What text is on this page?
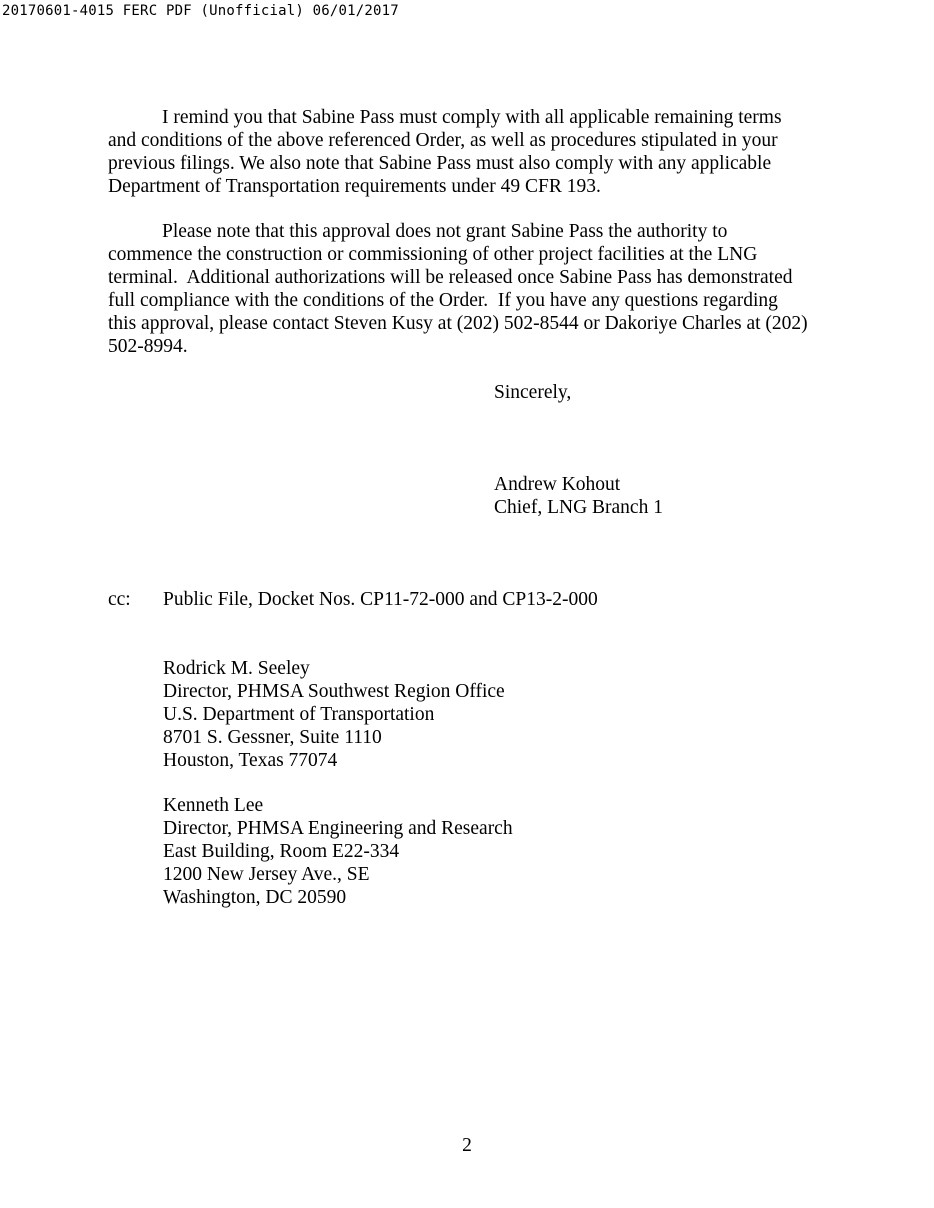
20170601-4015 FERC PDF (Unofficial) 06/01/2017
I remind you that Sabine Pass must comply with all applicable remaining terms
and conditions of the above referenced Order, as well as procedures stipulated in your
previous filings. We also note that Sabine Pass must also comply with any applicable
Department of Transportation requirements under 49 CFR 193.
Please note that this approval does not grant Sabine Pass the authority to
commence the construction or commissioning of other project facilities at the LNG
terminal.  Additional authorizations will be released once Sabine Pass has demonstrated
full compliance with the conditions of the Order.  If you have any questions regarding
this approval, please contact Steven Kusy at (202) 502-8544 or Dakoriye Charles at (202)
502-8994.
Sincerely,
Andrew Kohout
Chief, LNG Branch 1
cc: Public File, Docket Nos. CP11-72-000 and CP13-2-000
Rodrick M. Seeley
Director, PHMSA Southwest Region Office
U.S. Department of Transportation
8701 S. Gessner, Suite 1110
Houston, Texas 77074
Kenneth Lee
Director, PHMSA Engineering and Research
East Building, Room E22-334
1200 New Jersey Ave., SE
Washington, DC 20590
2
